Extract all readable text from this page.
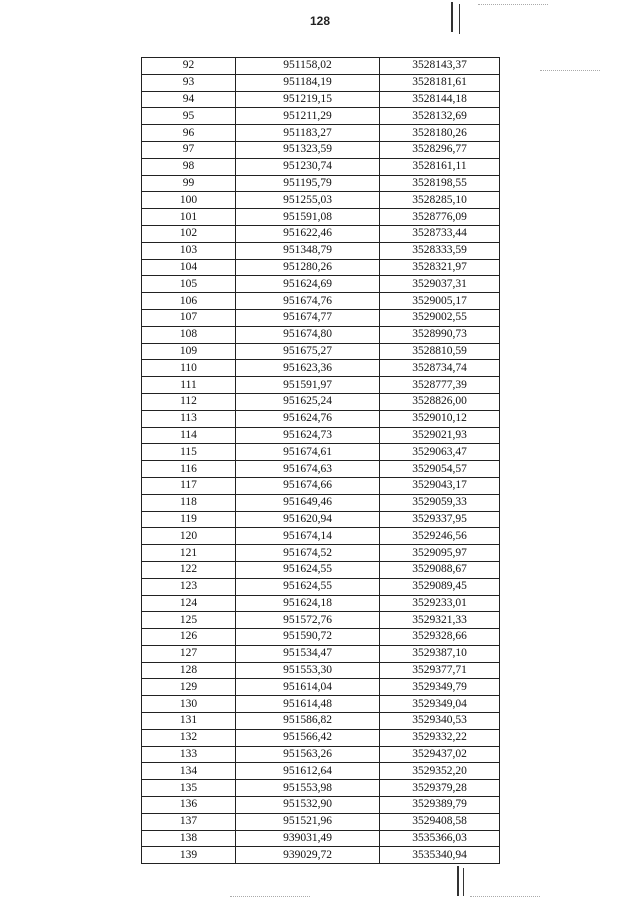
128
92	951158,02	3528143,37
93	951184,19	3528181,61
94	951219,15	3528144,18
95	951211,29	3528132,69
96	951183,27	3528180,26
97	951323,59	3528296,77
98	951230,74	3528161,11
99	951195,79	3528198,55
100	951255,03	3528285,10
101	951591,08	3528776,09
102	951622,46	3528733,44
103	951348,79	3528333,59
104	951280,26	3528321,97
105	951624,69	3529037,31
106	951674,76	3529005,17
107	951674,77	3529002,55
108	951674,80	3528990,73
109	951675,27	3528810,59
110	951623,36	3528734,74
111	951591,97	3528777,39
112	951625,24	3528826,00
113	951624,76	3529010,12
114	951624,73	3529021,93
115	951674,61	3529063,47
116	951674,63	3529054,57
117	951674,66	3529043,17
118	951649,46	3529059,33
119	951620,94	3529337,95
120	951674,14	3529246,56
121	951674,52	3529095,97
122	951624,55	3529088,67
123	951624,55	3529089,45
124	951624,18	3529233,01
125	951572,76	3529321,33
126	951590,72	3529328,66
127	951534,47	3529387,10
128	951553,30	3529377,71
129	951614,04	3529349,79
130	951614,48	3529349,04
131	951586,82	3529340,53
132	951566,42	3529332,22
133	951563,26	3529437,02
134	951612,64	3529352,20
135	951553,98	3529379,28
136	951532,90	3529389,79
137	951521,96	3529408,58
138	939031,49	3535366,03
139	939029,72	3535340,94
